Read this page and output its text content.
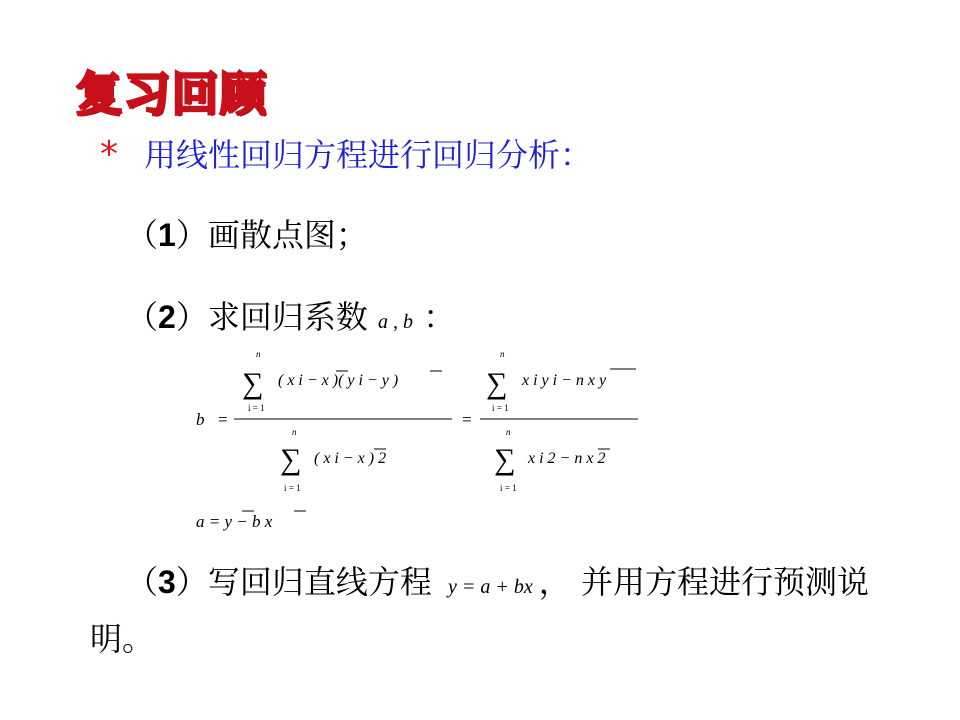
复习回顾
* 用线性回归方程进行回归分析：
（1）画散点图；
（2）求回归系数 a , b ：
b =
n
∑
i = 1
( x i − x )( y i − y )
n
∑
i = 1
( x i − x ) 2
=
n
∑
i = 1
x i y i − n x y
n
∑
i = 1
x i 2 − n x 2
a = y − b x
（3）写回归直线方程 y = a + bx ， 并用方程进行预测说明。
